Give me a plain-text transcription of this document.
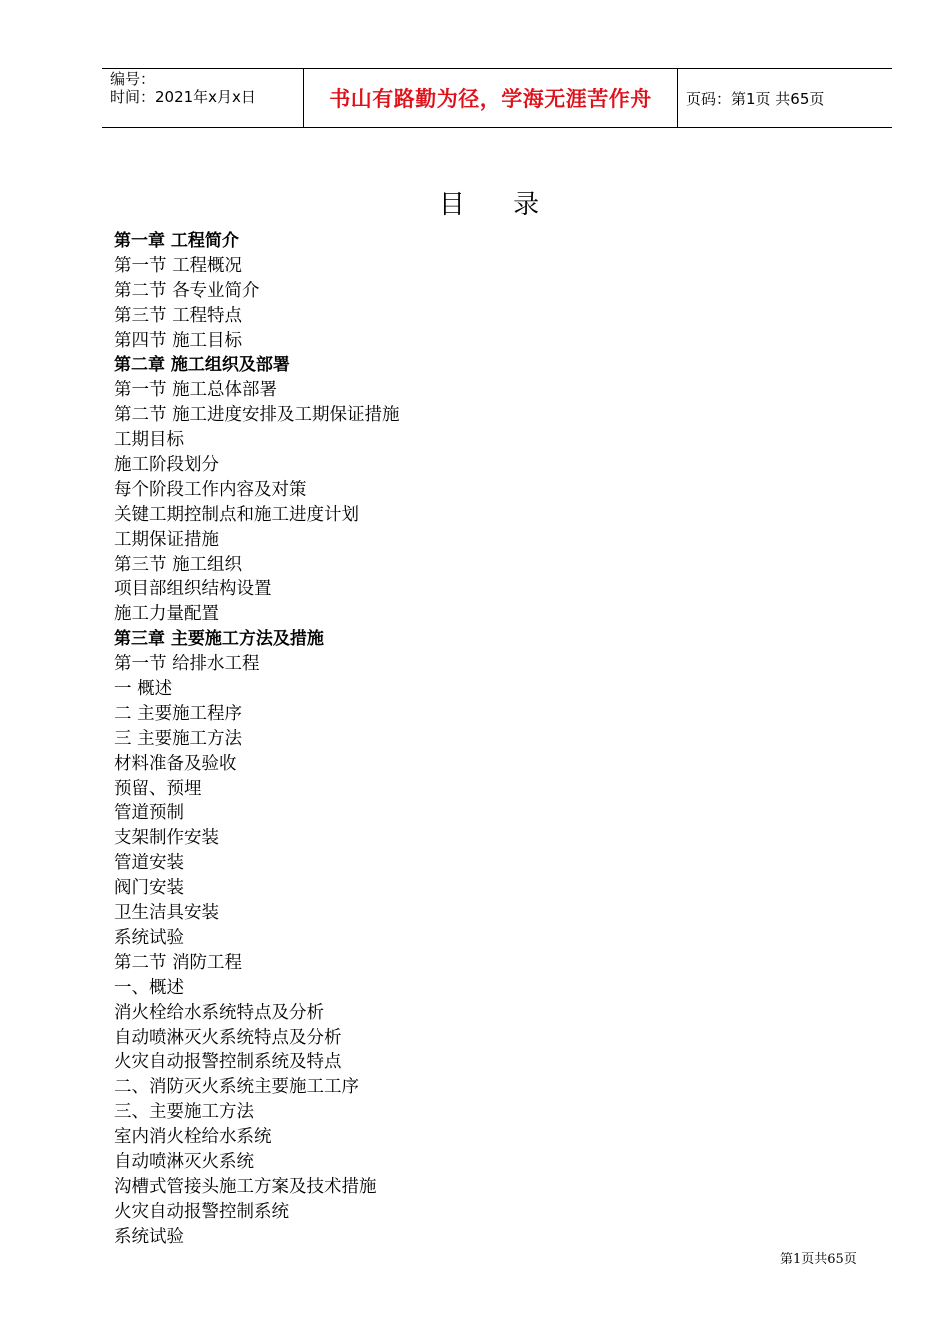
编号：
时间：2021年x月x日	书山有路勤为径，学海无涯苦作舟	页码：第1页 共65页
目 录
第一章 工程简介
第一节 工程概况
第二节 各专业简介
第三节 工程特点
第四节 施工目标
第二章 施工组织及部署
第一节 施工总体部署
第二节 施工进度安排及工期保证措施
工期目标
施工阶段划分
每个阶段工作内容及对策
关键工期控制点和施工进度计划
工期保证措施
第三节 施工组织
项目部组织结构设置
施工力量配置
第三章 主要施工方法及措施
第一节 给排水工程
一 概述
二 主要施工程序
三 主要施工方法
材料准备及验收
预留、预埋
管道预制
支架制作安装
管道安装
阀门安装
卫生洁具安装
系统试验
第二节 消防工程
一、概述
消火栓给水系统特点及分析
自动喷淋灭火系统特点及分析
火灾自动报警控制系统及特点
二、消防灭火系统主要施工工序
三、主要施工方法
室内消火栓给水系统
自动喷淋灭火系统
沟槽式管接头施工方案及技术措施
火灾自动报警控制系统
系统试验
第1页共65页
